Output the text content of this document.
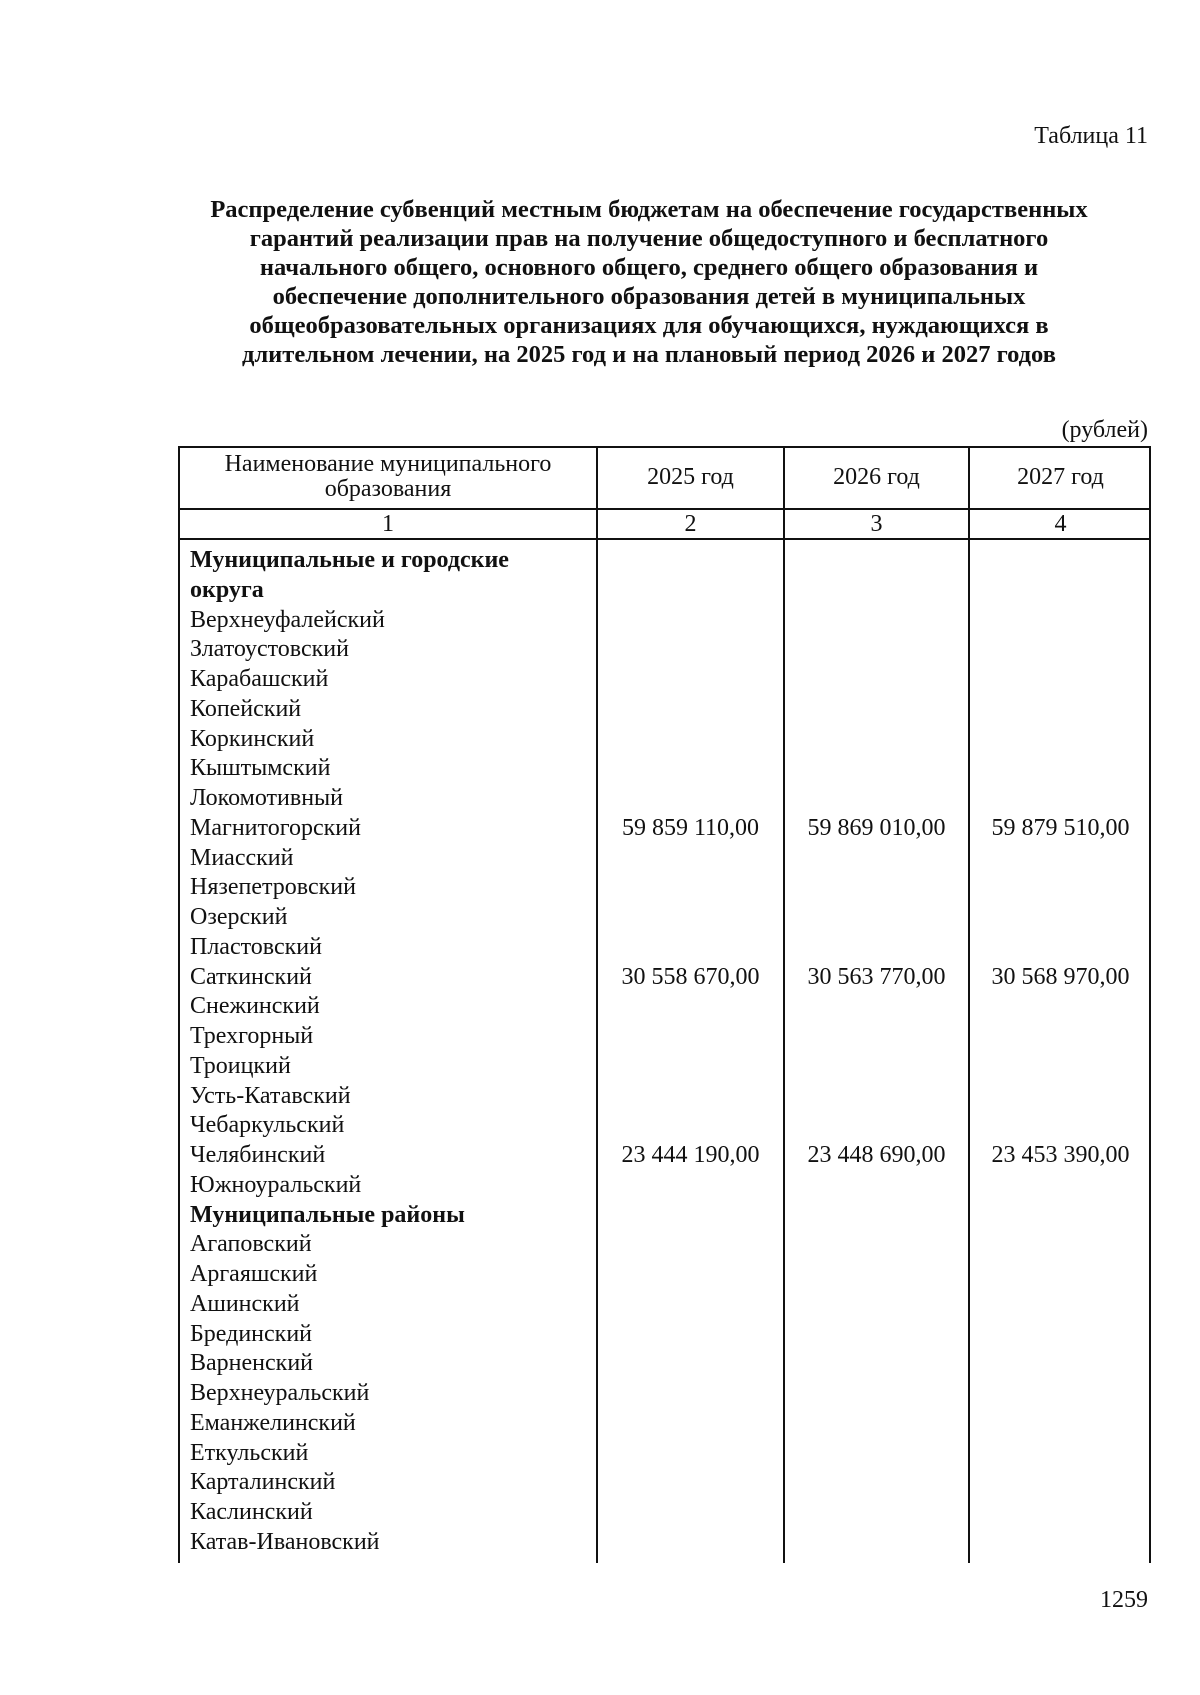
Таблица 11
Распределение субвенций местным бюджетам на обеспечение государственных
гарантий реализации прав на получение общедоступного и бесплатного
начального общего, основного общего, среднего общего образования и
обеспечение дополнительного образования детей в муниципальных
общеобразовательных организациях для обучающихся, нуждающихся в
длительном лечении, на 2025 год и на плановый период 2026 и 2027 годов
(рублей)
Наименование муниципального образования	2025 год	2026 год	2027 год
1	2	3	4
Муниципальные и городские
округа
Верхнеуфалейский
Златоустовский
Карабашский
Копейский
Коркинский
Кыштымский
Локомотивный
Магнитогорский	59 859 110,00	59 869 010,00	59 879 510,00
Миасский
Нязепетровский
Озерский
Пластовский
Саткинский	30 558 670,00	30 563 770,00	30 568 970,00
Снежинский
Трехгорный
Троицкий
Усть-Катавский
Чебаркульский
Челябинский	23 444 190,00	23 448 690,00	23 453 390,00
Южноуральский
Муниципальные районы
Агаповский
Аргаяшский
Ашинский
Брединский
Варненский
Верхнеуральский
Еманжелинский
Еткульский
Карталинский
Каслинский
Катав-Ивановский
1259
